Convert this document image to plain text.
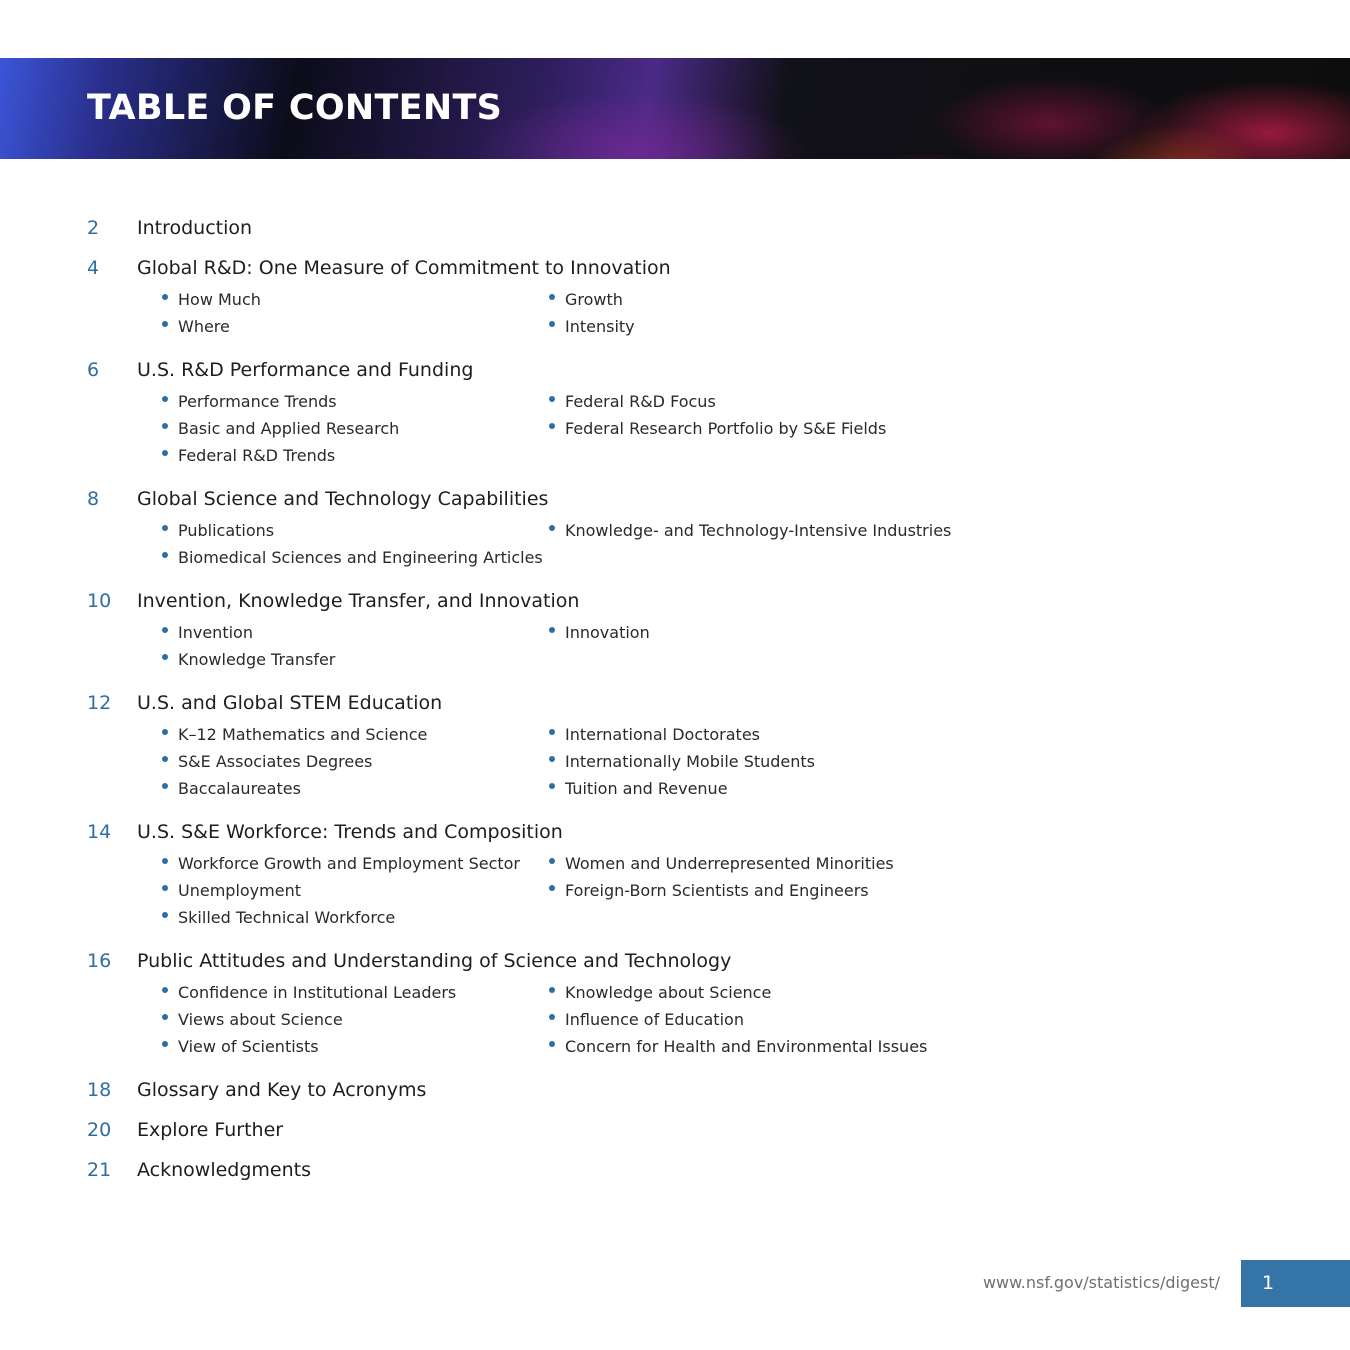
TABLE OF CONTENTS
2	Introduction
4	Global R&D: One Measure of Commitment to Innovation
How Much
Where
Growth
Intensity
6	U.S. R&D Performance and Funding
Performance Trends
Basic and Applied Research
Federal R&D Trends
Federal R&D Focus
Federal Research Portfolio by S&E Fields
8	Global Science and Technology Capabilities
Publications
Biomedical Sciences and Engineering Articles
Knowledge- and Technology-Intensive Industries
10	Invention, Knowledge Transfer, and Innovation
Invention
Knowledge Transfer
Innovation
12	U.S. and Global STEM Education
K–12 Mathematics and Science
S&E Associates Degrees
Baccalaureates
International Doctorates
Internationally Mobile Students
Tuition and Revenue
14	U.S. S&E Workforce: Trends and Composition
Workforce Growth and Employment Sector
Unemployment
Skilled Technical Workforce
Women and Underrepresented Minorities
Foreign-Born Scientists and Engineers
16	Public Attitudes and Understanding of Science and Technology
Confidence in Institutional Leaders
Views about Science
View of Scientists
Knowledge about Science
Influence of Education
Concern for Health and Environmental Issues
18	Glossary and Key to Acronyms
20	Explore Further
21	Acknowledgments
www.nsf.gov/statistics/digest/	1
